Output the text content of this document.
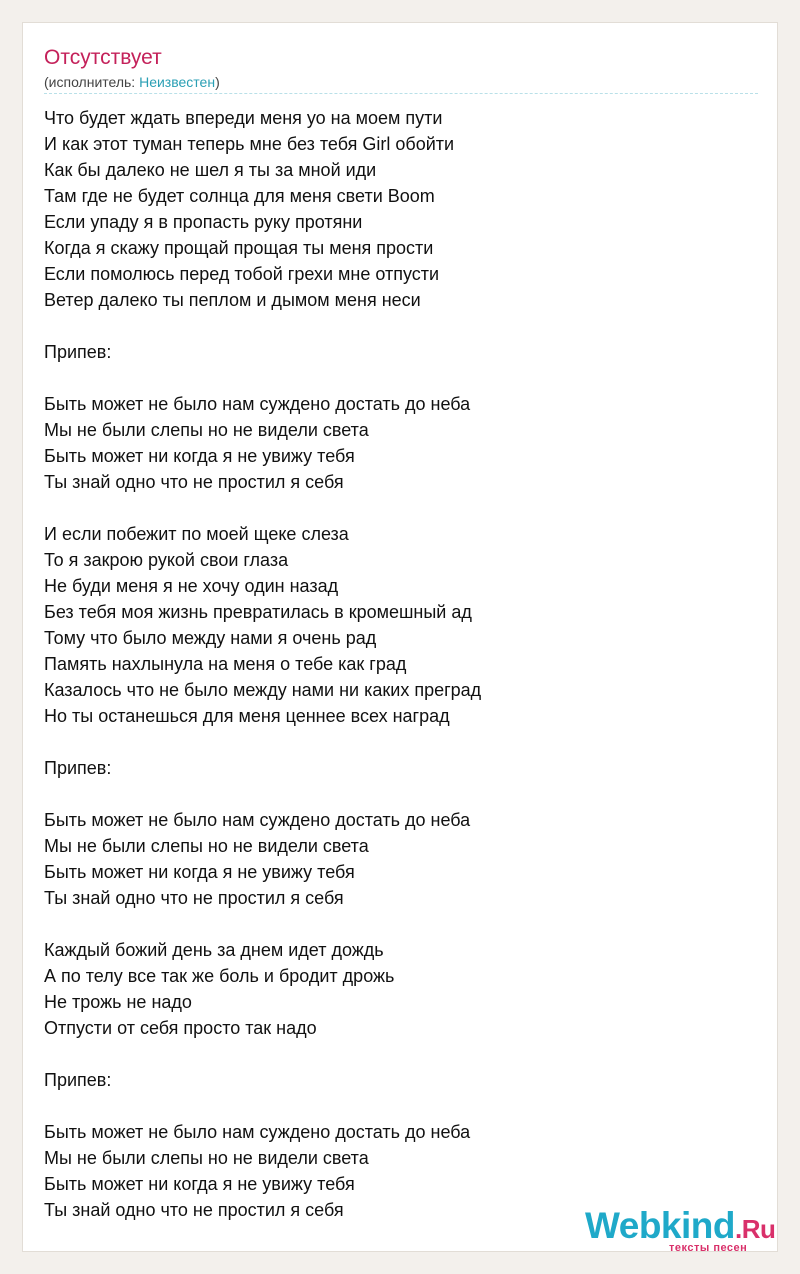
Отсутствует
(исполнитель: Неизвестен)
Что будет ждать впереди меня уо на моем пути
И как этот туман теперь мне без тебя Girl обойти
Как бы далеко не шел я ты за мной иди
Там где не будет солнца для меня свети Boom
Если упаду я в пропасть руку протяни
Когда я скажу прощай прощая ты меня прости
Если помолюсь перед тобой грехи мне отпусти
Ветер далеко ты пеплом и дымом меня неси
Припев:
Быть может не было нам суждено достать до неба
Мы не были слепы но не видели света
Быть может ни когда я не увижу тебя
Ты знай одно что не простил я себя
И если побежит по моей щеке слеза
То я закрою рукой свои глаза
Не буди меня я не хочу один назад
Без тебя моя жизнь превратилась в кромешный ад
Тому что было между нами я очень рад
Память нахлынула на меня о тебе как град
Казалось что не было между нами ни каких преград
Но ты останешься для меня ценнее всех наград
Припев:
Быть может не было нам суждено достать до неба
Мы не были слепы но не видели света
Быть может ни когда я не увижу тебя
Ты знай одно что не простил я себя
Каждый божий день за днем идет дождь
А по телу все так же боль и бродит дрожь
Не трожь не надо
Отпусти от себя просто так надо
Припев:
Быть может не было нам суждено достать до неба
Мы не были слепы но не видели света
Быть может ни когда я не увижу тебя
Ты знай одно что не простил я себя	Webkind.Ru
тексты песен
